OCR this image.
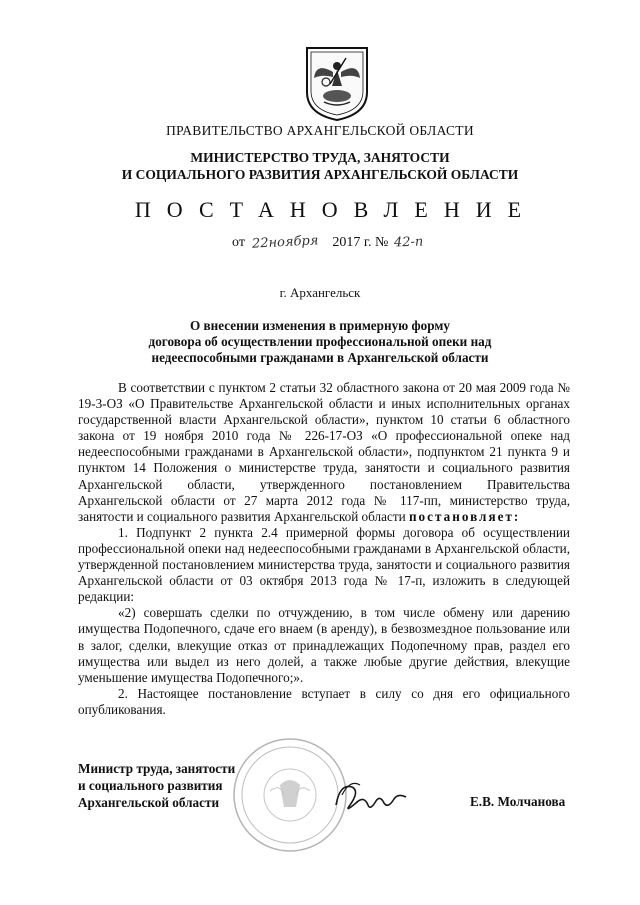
ПРАВИТЕЛЬСТВО АРХАНГЕЛЬСКОЙ ОБЛАСТИ
МИНИСТЕРСТВО ТРУДА, ЗАНЯТОСТИ
И СОЦИАЛЬНОГО РАЗВИТИЯ АРХАНГЕЛЬСКОЙ ОБЛАСТИ
ПОСТАНОВЛЕНИЕ
от 22ноября 2017 г. № 42-п
г. Архангельск
О внесении изменения в примерную форму
договора об осуществлении профессиональной опеки над
недееспособными гражданами в Архангельской области

В соответствии с пунктом 2 статьи 32 областного закона от 20 мая 2009 года № 19-3-ОЗ «О Правительстве Архангельской области и иных исполнительных органах государственной власти Архангельской области», пунктом 10 статьи 6 областного закона от 19 ноября 2010 года № 226-17-ОЗ «О профессиональной опеке над недееспособными гражданами в Архангельской области», подпунктом 21 пункта 9 и пунктом 14 Положения о министерстве труда, занятости и социального развития Архангельской области, утвержденного постановлением Правительства Архангельской области от 27 марта 2012 года № 117-пп, министерство труда, занятости и социального развития Архангельской области постановляет:

1. Подпункт 2 пункта 2.4 примерной формы договора об осуществлении профессиональной опеки над недееспособными гражданами в Архангельской области, утвержденной постановлением министерства труда, занятости и социального развития Архангельской области от 03 октября 2013 года № 17-п, изложить в следующей редакции:

«2) совершать сделки по отчуждению, в том числе обмену или дарению имущества Подопечного, сдаче его внаем (в аренду), в безвозмездное пользование или в залог, сделки, влекущие отказ от принадлежащих Подопечному прав, раздел его имущества или выдел из него долей, а также любые другие действия, влекущие уменьшение имущества Подопечного;».

2. Настоящее постановление вступает в силу со дня его официального опубликования.

Министр труда, занятости
и социального развития
Архангельской области	Е.В. Молчанова
